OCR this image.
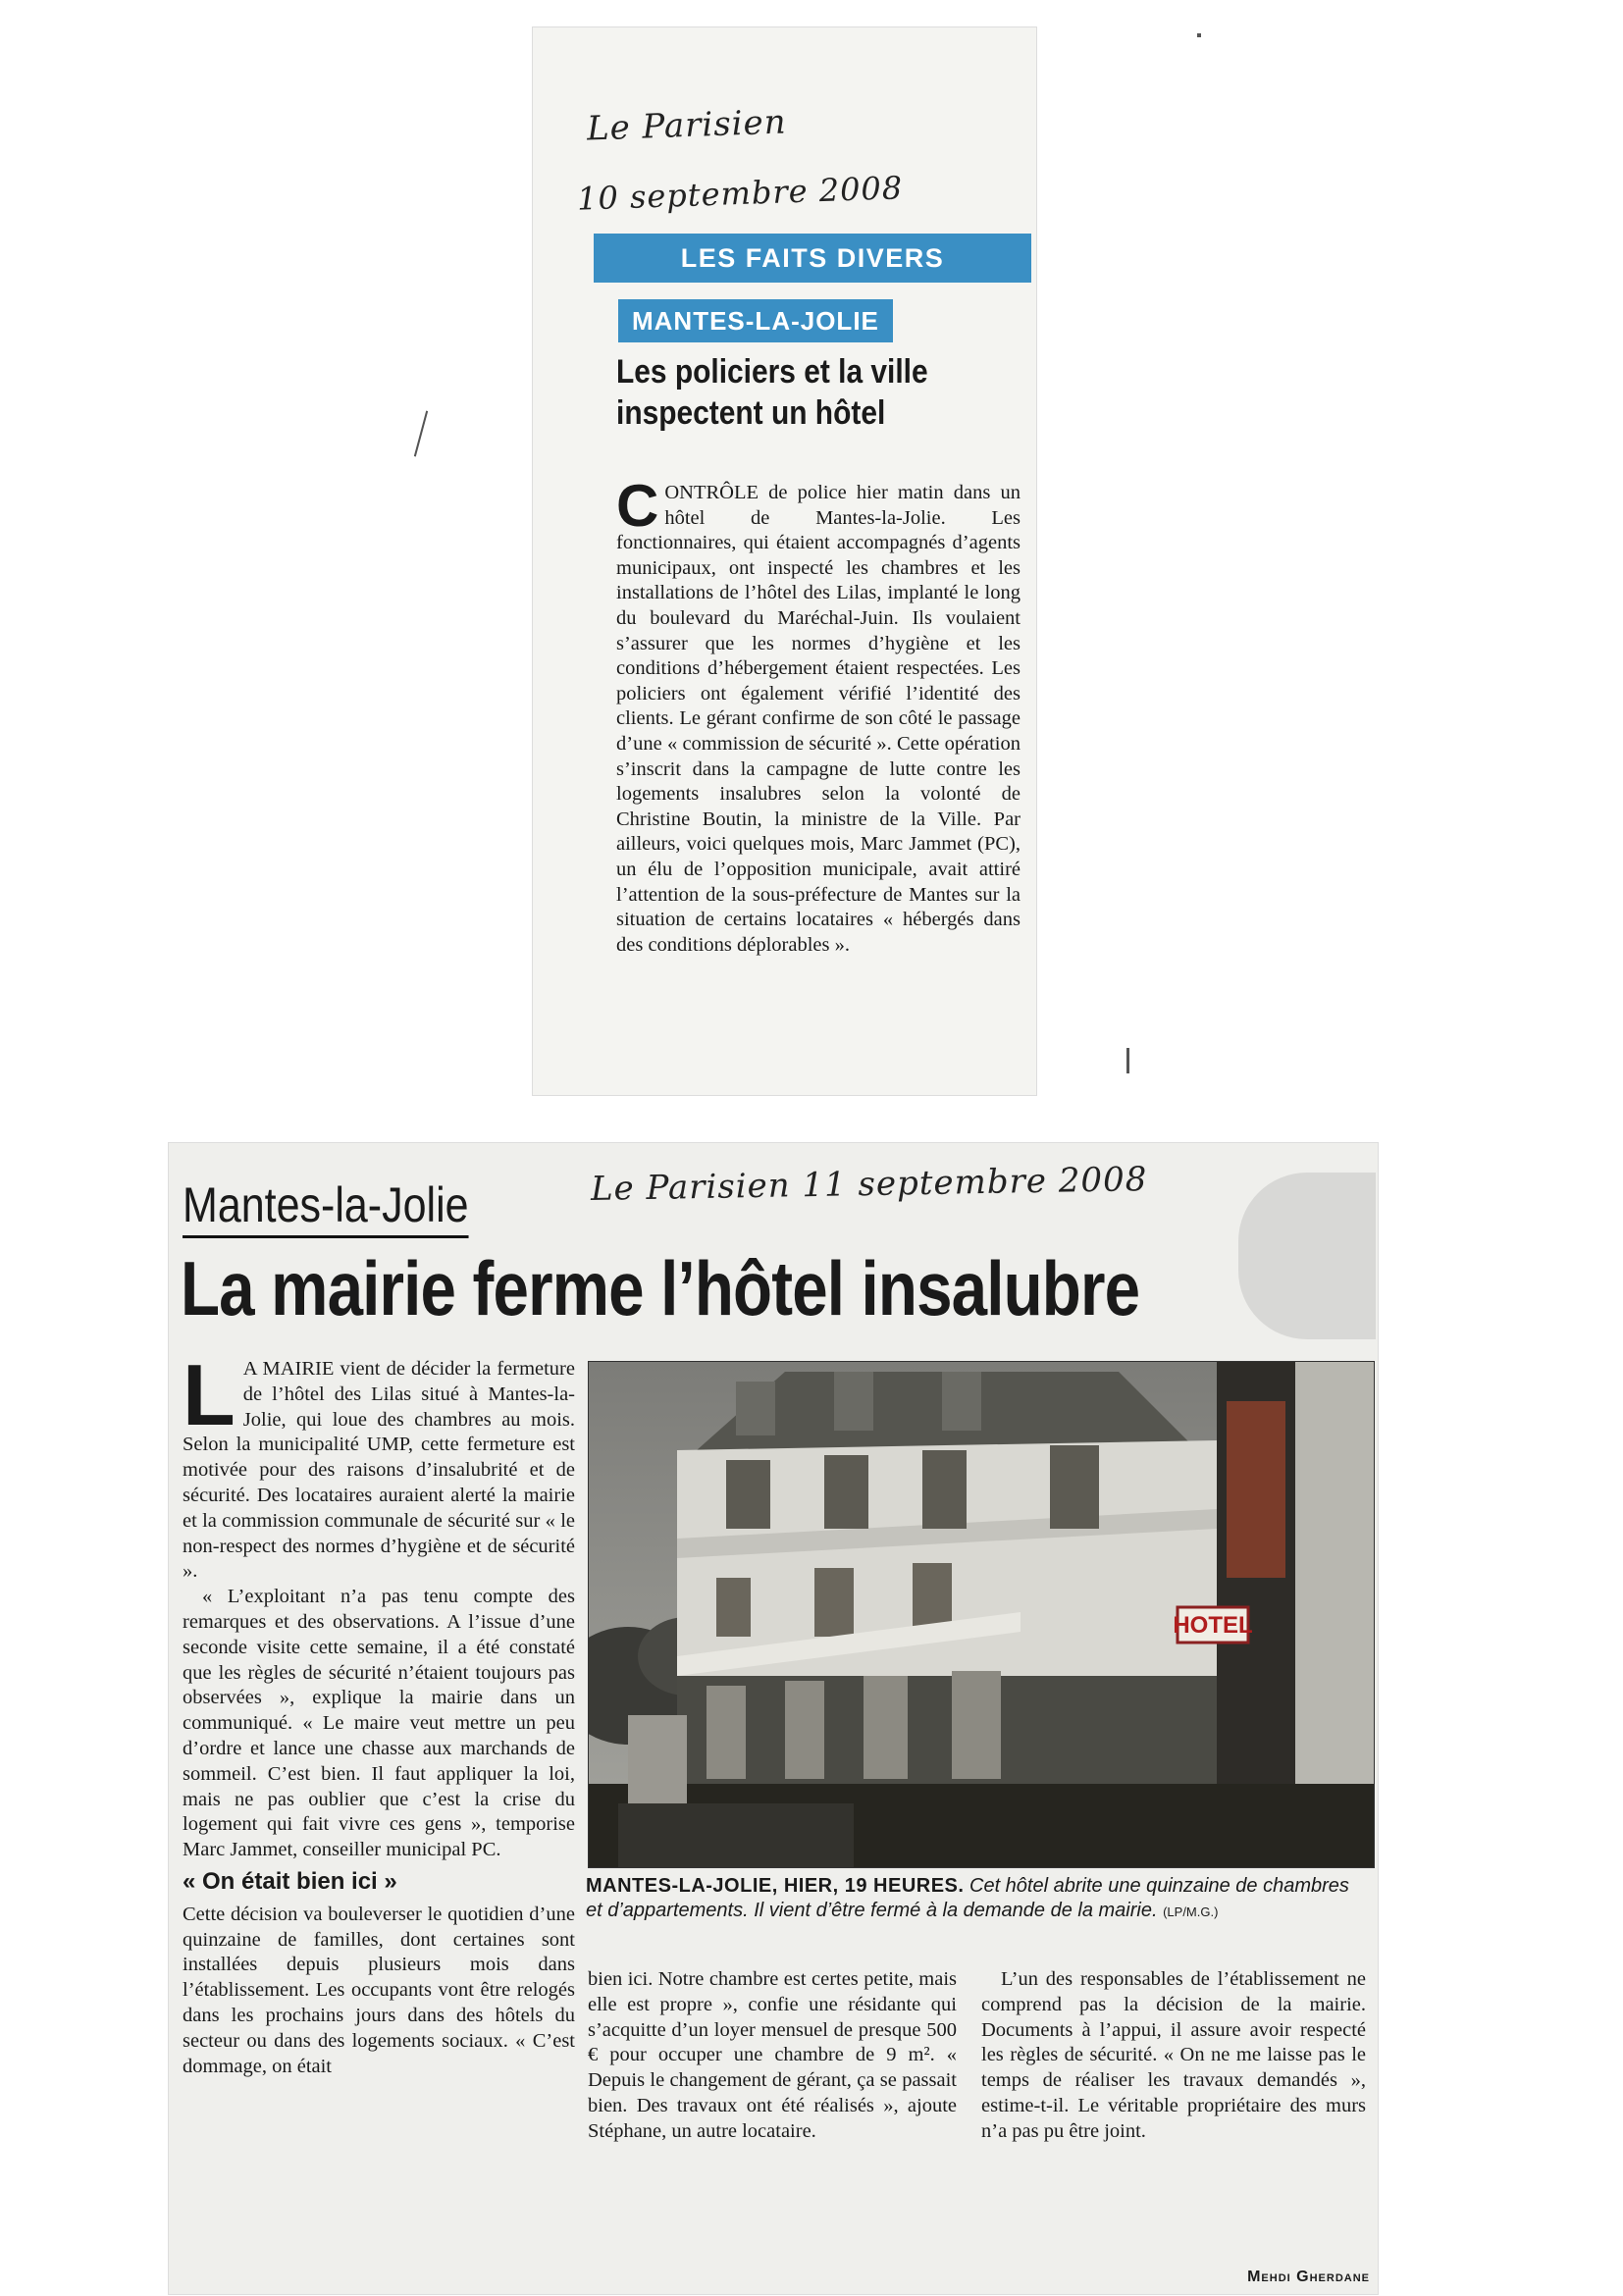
Le Parisien
10 septembre 2008
LES FAITS DIVERS
MANTES-LA-JOLIE
Les policiers et la ville
inspectent un hôtel

CONTRÔLE de police hier matin dans un hôtel de Mantes-la-Jolie. Les fonctionnaires, qui étaient accompagnés d’agents municipaux, ont inspecté les chambres et les installations de l’hôtel des Lilas, implanté le long du boulevard du Maréchal-Juin. Ils voulaient s’assurer que les normes d’hygiène et les conditions d’hébergement étaient respectées. Les policiers ont également vérifié l’identité des clients. Le gérant confirme de son côté le passage d’une « commission de sécurité ». Cette opération s’inscrit dans la campagne de lutte contre les logements insalubres selon la volonté de Christine Boutin, la ministre de la Ville. Par ailleurs, voici quelques mois, Marc Jammet (PC), un élu de l’opposition municipale, avait attiré l’attention de la sous-préfecture de Mantes sur la situation de certains locataires « hébergés dans des conditions déplorables ».

Mantes-la-Jolie	Le Parisien 11 septembre 2008
La mairie ferme l’hôtel insalubre

LA MAIRIE vient de décider la fermeture de l’hôtel des Lilas situé à Mantes-la-Jolie, qui loue des chambres au mois. Selon la municipalité UMP, cette fermeture est motivée pour des raisons d’insalubrité et de sécurité. Des locataires auraient alerté la mairie et la commission communale de sécurité sur « le non-respect des normes d’hygiène et de sécurité ».

« L’exploitant n’a pas tenu compte des remarques et des observations. A l’issue d’une seconde visite cette semaine, il a été constaté que les règles de sécurité n’étaient toujours pas observées », explique la mairie dans un communiqué. « Le maire veut mettre un peu d’ordre et lance une chasse aux marchands de sommeil. C’est bien. Il faut appliquer la loi, mais ne pas oublier que c’est la crise du logement qui fait vivre ces gens », temporise Marc Jammet, conseiller municipal PC.

« On était bien ici »

Cette décision va bouleverser le quotidien d’une quinzaine de familles, dont certaines sont installées depuis plusieurs mois dans l’établissement. Les occupants vont être relogés dans les prochains jours dans des hôtels du secteur ou dans des logements sociaux. « C’est dommage, on était

HOTEL
MANTES-LA-JOLIE, HIER, 19 HEURES. Cet hôtel abrite une quinzaine de chambres et d’appartements. Il vient d’être fermé à la demande de la mairie. (LP/M.G.)

bien ici. Notre chambre est certes petite, mais elle est propre », confie une résidante qui s’acquitte d’un loyer mensuel de presque 500 € pour occuper une chambre de 9 m². « Depuis le changement de gérant, ça se passait bien. Des travaux ont été réalisés », ajoute Stéphane, un autre locataire.

L’un des responsables de l’établissement ne comprend pas la décision de la mairie. Documents à l’appui, il assure avoir respecté les règles de sécurité. « On ne me laisse pas le temps de réaliser les travaux demandés », estime-t-il. Le véritable propriétaire des murs n’a pas pu être joint.

Mehdi Gherdane
